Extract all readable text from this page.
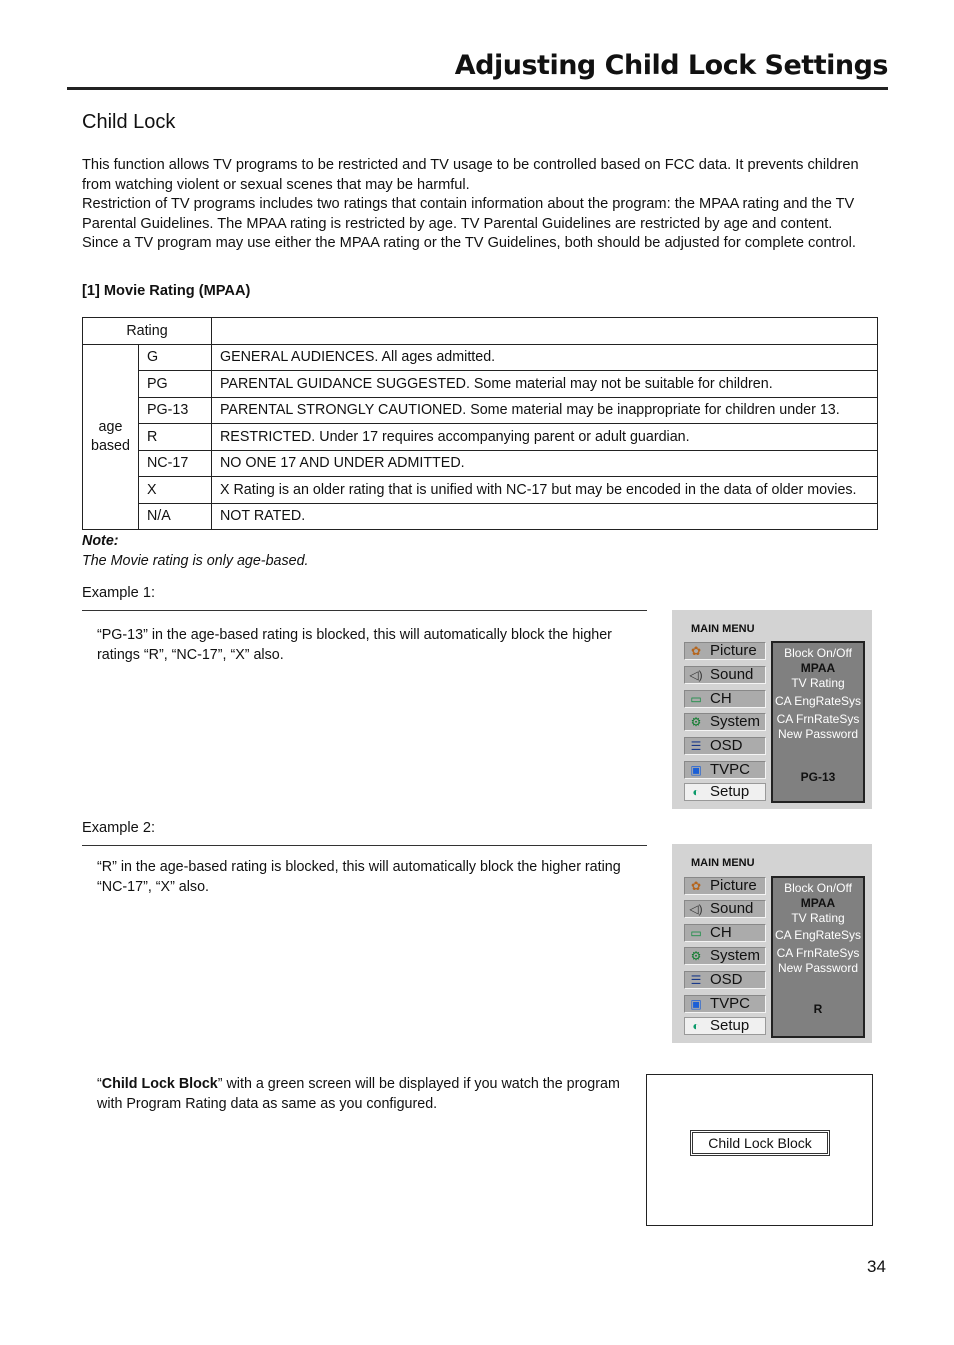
Adjusting Child Lock Settings
Child Lock

This function allows TV programs to be restricted and TV usage to be controlled based on FCC data. It prevents children from watching violent or sexual scenes that may be harmful.

Restriction of TV programs includes two ratings that contain information about the program: the MPAA rating and the TV Parental Guidelines. The MPAA rating is restricted by age. TV Parental Guidelines are restricted by age and content.

Since a TV program may use either the MPAA rating or the TV Guidelines, both should be adjusted for complete control.

[1] Movie Rating (MPAA)
Rating		
age based	G	GENERAL AUDIENCES. All ages admitted.
	PG	PARENTAL GUIDANCE SUGGESTED. Some material may not be suitable for children.
	PG-13	PARENTAL STRONGLY CAUTIONED. Some material may be inappropriate for children under 13.
	R	RESTRICTED. Under 17 requires accompanying parent or adult guardian.
	NC-17	NO ONE 17 AND UNDER ADMITTED.
	X	X Rating is an older rating that is unified with NC-17 but may be encoded in the data of older movies.
	N/A	NOT RATED.
Note:
The Movie rating is only age-based.
Example 1:
“PG-13” in the age-based rating is blocked, this will automatically block the higher ratings “R”, “NC-17”, “X” also.
MAIN MENU
✿ Picture
◁) Sound
▭ CH
⚙ System
☰ OSD
▣ TVPC
◐ Setup
Block On/Off
MPAA
TV Rating
CA EngRateSys
CA FrnRateSys
New Password
PG-13
Example 2:
“R” in the age-based rating is blocked, this will automatically block the higher rating “NC-17”, “X” also.
MAIN MENU
✿ Picture
◁) Sound
▭ CH
⚙ System
☰ OSD
▣ TVPC
◐ Setup
Block On/Off
MPAA
TV Rating
CA EngRateSys
CA FrnRateSys
New Password
R
“Child Lock Block” with a green screen will be displayed if you watch the program with Program Rating data as same as you configured.
Child Lock Block
34
